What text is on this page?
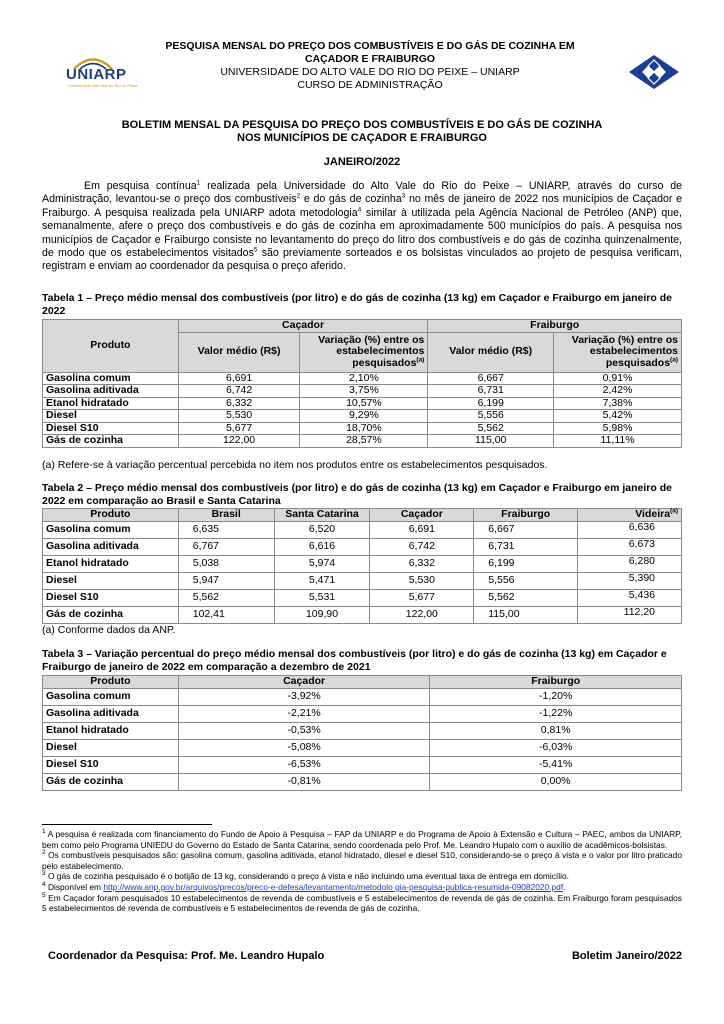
UNIARP
Universidade Alto Vale do Rio do Peixe
PESQUISA MENSAL DO PREÇO DOS COMBUSTÍVEIS E DO GÁS DE COZINHA EM
CAÇADOR E FRAIBURGO
UNIVERSIDADE DO ALTO VALE DO RIO DO PEIXE – UNIARP
CURSO DE ADMINISTRAÇÃO
BOLETIM MENSAL DA PESQUISA DO PREÇO DOS COMBUSTÍVEIS E DO GÁS DE COZINHA
NOS MUNICÍPIOS DE CAÇADOR E FRAIBURGO
JANEIRO/2022

Em pesquisa contínua$^1$ realizada pela Universidade do Alto Vale do Rio do Peixe – UNIARP, através do curso de Administração, levantou-se o preço dos combustíveis$^2$ e do gás de cozinha$^3$ no mês de janeiro de 2022 nos municípios de Caçador e Fraiburgo. A pesquisa realizada pela UNIARP adota metodologia$^4$ similar à utilizada pela Agência Nacional de Petróleo (ANP) que, semanalmente, afere o preço dos combustíveis e do gás de cozinha em aproximadamente 500 municípios do país. A pesquisa nos municípios de Caçador e Fraiburgo consiste no levantamento do preço do litro dos combustíveis e do gás de cozinha quinzenalmente, de modo que os estabelecimentos visitados$^5$ são previamente sorteados e os bolsistas vinculados ao projeto de pesquisa verificam, registram e enviam ao coordenador da pesquisa o preço aferido.

Tabela 1 – Preço médio mensal dos combustíveis (por litro) e do gás de cozinha (13 kg) em Caçador e Fraiburgo em janeiro de 2022
Produto	Caçador		Fraiburgo	
	Valor médio (R$)	Variação (%) entre os estabelecimentos pesquisados$^{(a)}$	Valor médio (R$)	Variação (%) entre os estabelecimentos pesquisados$^{(a)}$
Gasolina comum	6,691	2,10%	6,667	0,91%
Gasolina aditivada	6,742	3,75%	6,731	2,42%
Etanol hidratado	6,332	10,57%	6,199	7,38%
Diesel	5,530	9,29%	5,556	5,42%
Diesel S10	5,677	18,70%	5,562	5,98%
Gás de cozinha	122,00	28,57%	115,00	11,11%
(a) Refere-se à variação percentual percebida no item nos produtos entre os estabelecimentos pesquisados.
Tabela 2 – Preço médio mensal dos combustíveis (por litro) e do gás de cozinha (13 kg) em Caçador e Fraiburgo em janeiro de 2022 em comparação ao Brasil e Santa Catarina
Produto	Brasil	Santa Catarina	Caçador	Fraiburgo	Videira$^{(a)}$
Gasolina comum	6,635	6,520	6,691	6,667	6,636
Gasolina aditivada	6,767	6,616	6,742	6,731	6,673
Etanol hidratado	5,038	5,974	6,332	6,199	6,280
Diesel	5,947	5,471	5,530	5,556	5,390
Diesel S10	5,562	5,531	5,677	5,562	5,436
Gás de cozinha	102,41	109,90	122,00	115,00	112,20
(a) Conforme dados da ANP.
Tabela 3 – Variação percentual do preço médio mensal dos combustíveis (por litro) e do gás de cozinha (13 kg) em Caçador e Fraiburgo de janeiro de 2022 em comparação a dezembro de 2021
Produto	Caçador	Fraiburgo
Gasolina comum	-3,92%	-1,20%
Gasolina aditivada	-2,21%	-1,22%
Etanol hidratado	-0,53%	0,81%
Diesel	-5,08%	-6,03%
Diesel S10	-6,53%	-5,41%
Gás de cozinha	-0,81%	0,00%
$^1$ A pesquisa é realizada com financiamento do Fundo de Apoio à Pesquisa – FAP da UNIARP e do Programa de Apoio à Extensão e Cultura – PAEC, ambos da UNIARP, bem como pelo Programa UNIEDU do Governo do Estado de Santa Catarina, sendo coordenada pelo Prof. Me. Leandro Hupalo com o auxílio de acadêmicos-bolsistas.
$^2$ Os combustíveis pesquisados são: gasolina comum, gasolina aditivada, etanol hidratado, diesel e diesel S10, considerando-se o preço à vista e o valor por litro praticado pelo estabelecimento.
$^3$ O gás de cozinha pesquisado é o botijão de 13 kg, considerando o preço à vista e não incluindo uma eventual taxa de entrega em domicílio.
$^4$ Disponível em http://www.anp.gov.br/arquivos/precos/preco-e-defesa/levantamento/metodolo gia-pesquisa-publica-resumida-09082020.pdf.
$^5$ Em Caçador foram pesquisados 10 estabelecimentos de revenda de combustíveis e 5 estabelecimentos de revenda de gás de cozinha. Em Fraiburgo foram pesquisados 5 estabelecimentos de revenda de combustíveis e 5 estabelecimentos de revenda de gás de cozinha.
Coordenador da Pesquisa: Prof. Me. Leandro Hupalo	Boletim Janeiro/2022
